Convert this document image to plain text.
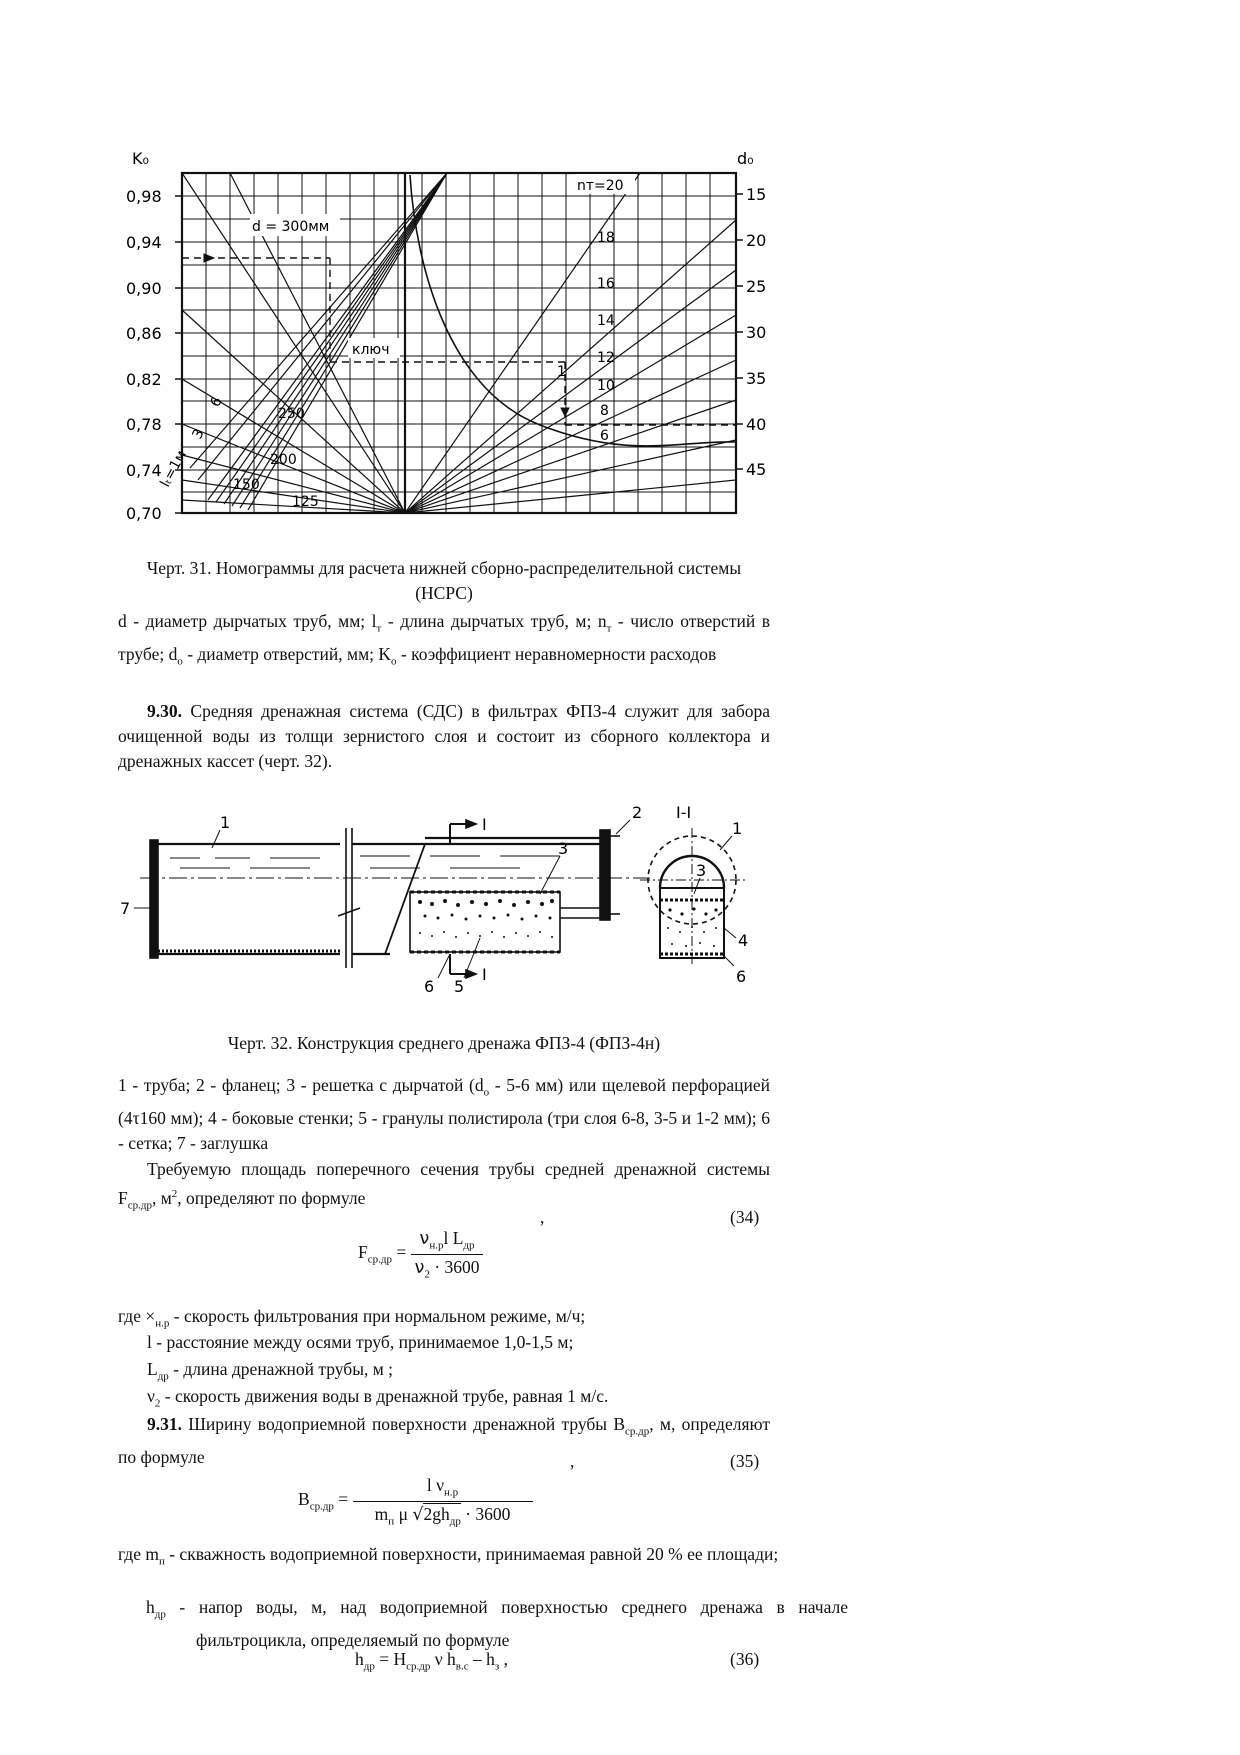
K₀	d₀
0,98
0,94
0,90
0,86
0,82
0,78
0,74
0,70
15
20
25
30
35
40
45
d = 300мм
ключ
250
200
150
125
lₜ=1м
3
6
nт=20
18
16
14
12
10
8
6
1
Черт. 31. Номограммы для расчета нижней сборно-распределительной системы (НСРС)
d - диаметр дырчатых труб, мм; $l_т$ - длина дырчатых труб, м; $n_т$ - число отверстий в трубе; $d_о$ - диаметр отверстий, мм; $K_о$ - коэффициент неравномерности расходов
9.30. Средняя дренажная система (СДС) в фильтрах ФПЗ-4 служит для забора очищенной воды из толщи зернистого слоя и состоит из сборного коллектора и дренажных кассет (черт. 32).
I-I
I
I
1
2
3
7
6 5
1
3
4
6
Черт. 32. Конструкция среднего дренажа ФПЗ-4 (ФПЗ-4н)
1 - труба; 2 - фланец; 3 - решетка с дырчатой ($d_о - 5-6$ мм) или щелевой перфорацией (4τ160 мм); 4 - боковые стенки; 5 - гранулы полистирола (три слоя 6-8, 3-5 и 1-2 мм); 6 - сетка; 7 - заглушка
Требуемую площадь поперечного сечения трубы средней дренажной системы $F_{ср.др}$, $м^2$, определяют по формуле
$F_{ср.др} = \frac{\nu_{н.р}l L_{др}}{\nu_2 \cdot 3600}$
,	(34)
где $\times_{н.р}$ - скорость фильтрования при нормальном режиме, м/ч;
l - расстояние между осями труб, принимаемое 1,0-1,5 м;
$L_{др}$ - длина дренажной трубы, м ;
$\nu_2$ - скорость движения воды в дренажной трубе, равная 1 м/с.
9.31. Ширину водоприемной поверхности дренажной трубы $B_{ср.др}$, м, определяют по формуле
$B_{ср.др} = \frac{l \nu_{н.р}}{m_п \mu √2gh_{др} \cdot 3600}$
,	(35)
где $m_п$ - скважность водоприемной поверхности, принимаемая равной 20 % ее площади;
$h_{др}$ - напор воды, м, над водоприемной поверхностью среднего дренажа в начале фильтроцикла, определяемый по формуле
$h_{др} = H_{ср.др}$ ν $h_{в.с} - h_з$ ,	(36)
